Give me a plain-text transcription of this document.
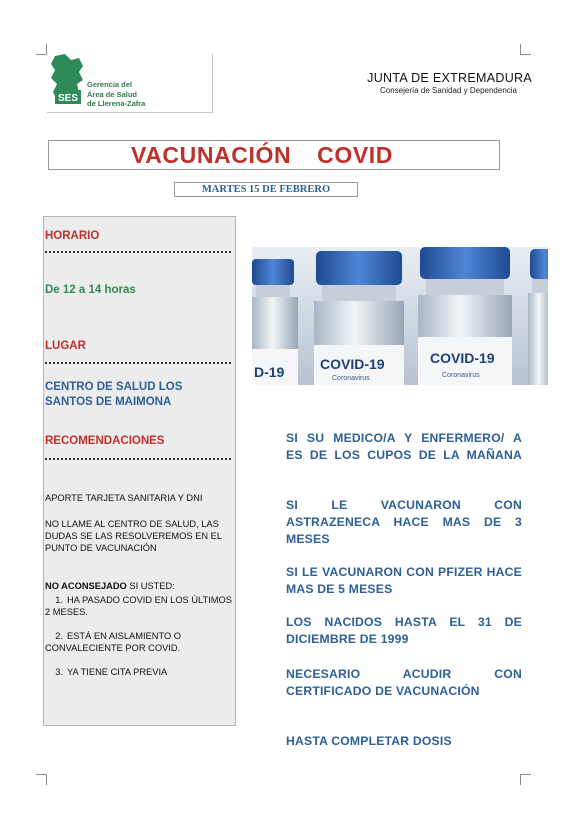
SES
Gerencia del
Área de Salud
de Llerena-Zafra
JUNTA DE EXTREMADURA
Consejería de Sanidad y Dependencia
VACUNACIÓN  COVID
MARTES 15 DE FEBRERO
HORARIO
De 12 a 14 horas
LUGAR
CENTRO DE SALUD LOS SANTOS DE MAIMONA
RECOMENDACIONES
APORTE TARJETA SANITARIA Y DNI
NO LLAME AL CENTRO DE SALUD, LAS DUDAS SE LAS RESOLVEREMOS EN EL PUNTO DE VACUNACIÓN
NO ACONSEJADO SI USTED:
1. HA PASADO COVID EN LOS ÚLTIMOS 2 MESES.
2. ESTÁ EN AISLAMIENTO O CONVALECIENTE POR COVID.
3. YA TIENE CITA PREVIA
D-19	COVID-19
Coronavirus
COVID-19
Coronavirus
SI SU MEDICO/A Y ENFERMERO/ A ES DE LOS CUPOS DE LA MAÑANA
SI LE VACUNARON CON ASTRAZENECA HACE MAS DE 3 MESES
SI LE VACUNARON CON PFIZER HACE MAS DE 5 MESES
LOS NACIDOS HASTA EL 31 DE DICIEMBRE DE 1999
NECESARIO ACUDIR CON CERTIFICADO DE VACUNACIÓN
HASTA COMPLETAR DOSIS
